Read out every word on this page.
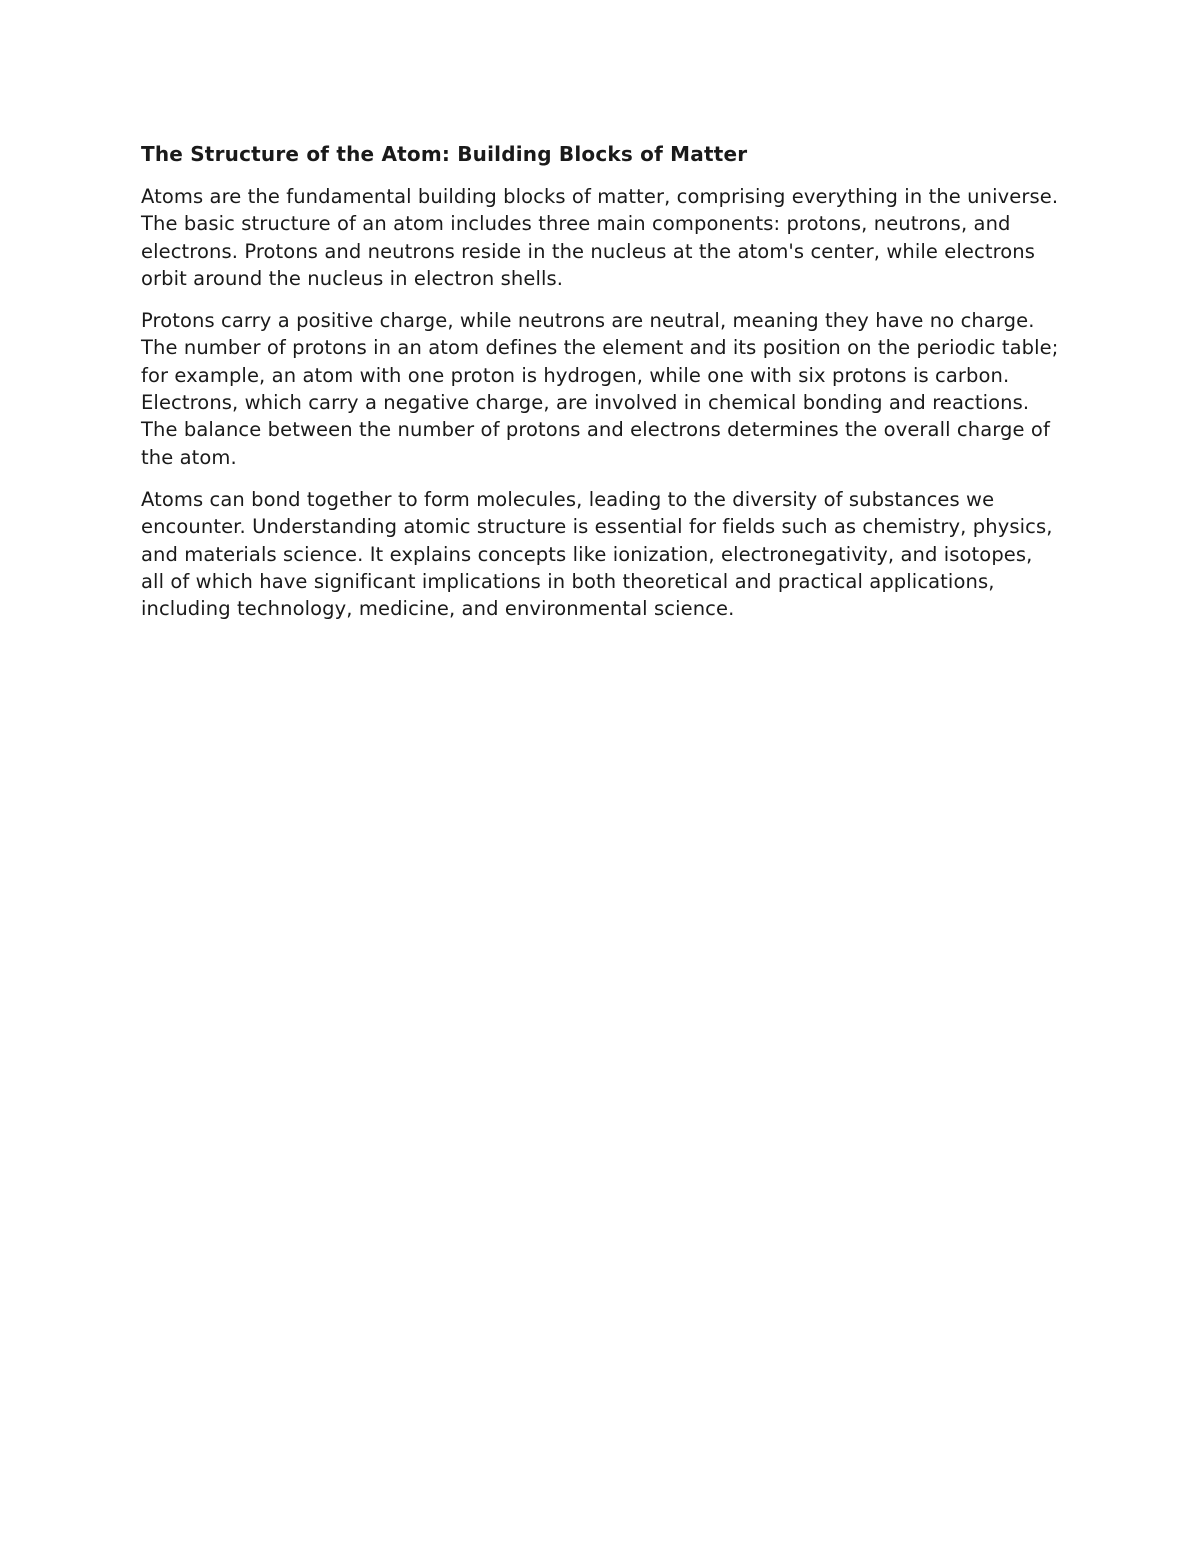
The Structure of the Atom: Building Blocks of Matter

Atoms are the fundamental building blocks of matter, comprising everything in the universe. The basic structure of an atom includes three main components: protons, neutrons, and electrons. Protons and neutrons reside in the nucleus at the atom's center, while electrons orbit around the nucleus in electron shells.

Protons carry a positive charge, while neutrons are neutral, meaning they have no charge. The number of protons in an atom defines the element and its position on the periodic table; for example, an atom with one proton is hydrogen, while one with six protons is carbon. Electrons, which carry a negative charge, are involved in chemical bonding and reactions. The balance between the number of protons and electrons determines the overall charge of the atom.

Atoms can bond together to form molecules, leading to the diversity of substances we encounter. Understanding atomic structure is essential for fields such as chemistry, physics, and materials science. It explains concepts like ionization, electronegativity, and isotopes, all of which have significant implications in both theoretical and practical applications, including technology, medicine, and environmental science.
